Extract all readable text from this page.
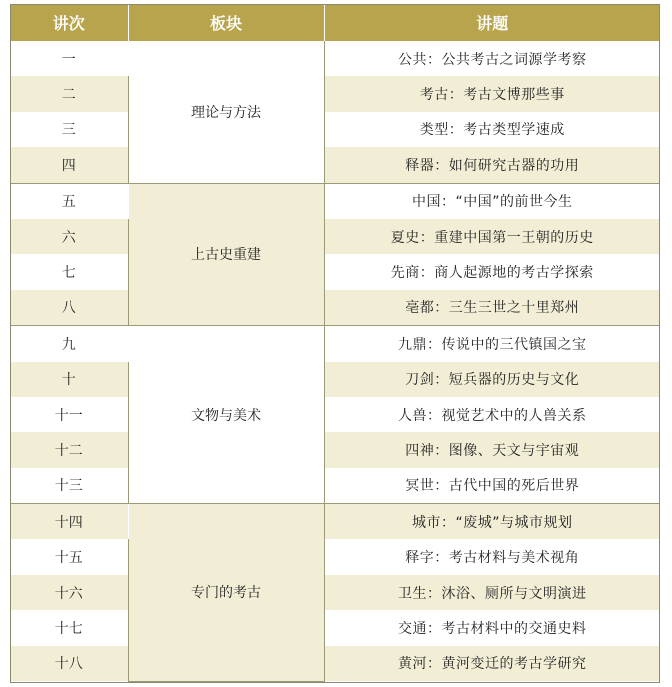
讲次	板块	讲题
一	理论与方法	公共：公共考古之词源学考察
二		考古：考古文博那些事
三		类型：考古类型学速成
四		释器：如何研究古器的功用
五	上古史重建	中国：“中国”的前世今生
六		夏史：重建中国第一王朝的历史
七		先商：商人起源地的考古学探索
八		亳都：三生三世之十里郑州
九	文物与美术	九鼎：传说中的三代镇国之宝
十		刀剑：短兵器的历史与文化
十一		人兽：视觉艺术中的人兽关系
十二		四神：图像、天文与宇宙观
十三		冥世：古代中国的死后世界
十四	专门的考古	城市：“废城”与城市规划
十五		释字：考古材料与美术视角
十六		卫生：沐浴、厕所与文明演进
十七		交通：考古材料中的交通史料
十八		黄河：黄河变迁的考古学研究
